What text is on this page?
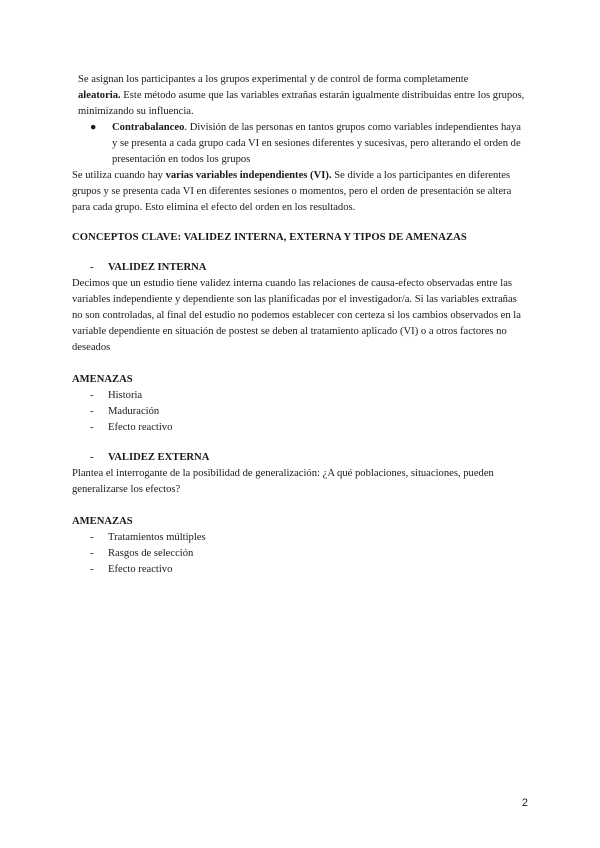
Se asignan los participantes a los grupos experimental y de control de forma completamente
aleatoria. Este método asume que las variables extrañas estarán igualmente distribuidas entre los grupos, minimizando su influencia.

●	Contrabalanceo. División de las personas en tantos grupos como variables independientes haya y se presenta a cada grupo cada VI en sesiones diferentes y sucesivas, pero alterando el orden de presentación en todos los grupos

Se utiliza cuando hay varias variables independientes (VI). Se divide a los participantes en diferentes grupos y se presenta cada VI en diferentes sesiones o momentos, pero el orden de presentación se altera para cada grupo. Esto elimina el efecto del orden en los resultados.

CONCEPTOS CLAVE: VALIDEZ INTERNA, EXTERNA Y TIPOS DE AMENAZAS

-	VALIDEZ INTERNA

Decimos que un estudio tiene validez interna cuando las relaciones de causa-efecto observadas entre las variables independiente y dependiente son las planificadas por el investigador/a. Si las variables extrañas no son controladas, al final del estudio no podemos establecer con certeza si los cambios observados en la variable dependiente en situación de postest se deben al tratamiento aplicado (VI) o a otros factores no deseados

AMENAZAS

-	Historia
-	Maduración
-	Efecto reactivo
-	VALIDEZ EXTERNA

Plantea el interrogante de la posibilidad de generalización: ¿A qué poblaciones, situaciones, pueden generalizarse los efectos?

AMENAZAS

-	Tratamientos múltiples
-	Rasgos de selección
-	Efecto reactivo
2
